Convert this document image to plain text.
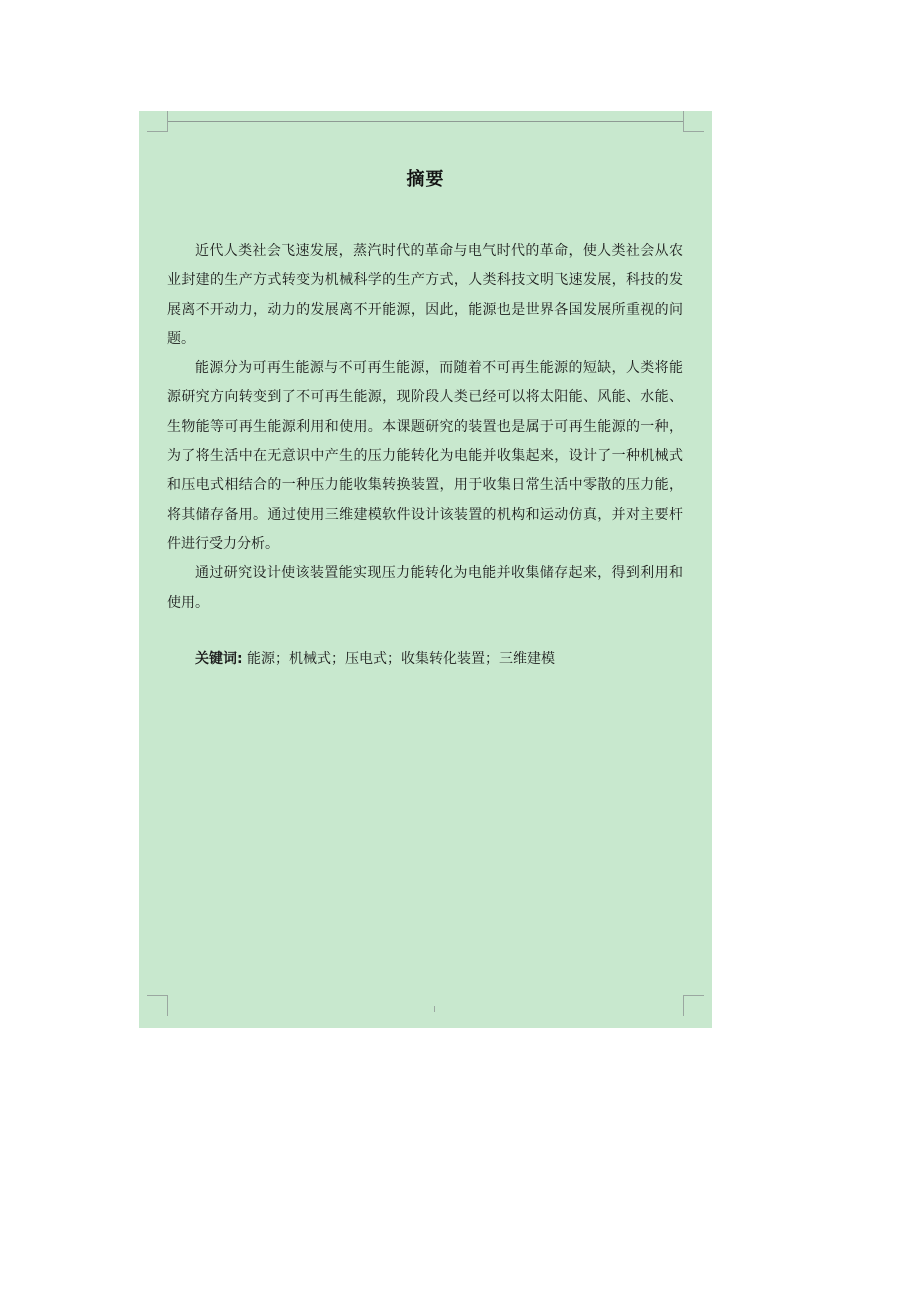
摘要

近代人类社会飞速发展，蒸汽时代的革命与电气时代的革命，使人类社会从农业封建的生产方式转变为机械科学的生产方式，人类科技文明飞速发展，科技的发展离不开动力，动力的发展离不开能源，因此，能源也是世界各国发展所重视的问题。

能源分为可再生能源与不可再生能源，而随着不可再生能源的短缺，人类将能源研究方向转变到了不可再生能源，现阶段人类已经可以将太阳能、风能、水能、生物能等可再生能源利用和使用。本课题研究的装置也是属于可再生能源的一种，为了将生活中在无意识中产生的压力能转化为电能并收集起来，设计了一种机械式和压电式相结合的一种压力能收集转换装置，用于收集日常生活中零散的压力能，将其储存备用。通过使用三维建模软件设计该装置的机构和运动仿真，并对主要杆件进行受力分析。

通过研究设计使该装置能实现压力能转化为电能并收集储存起来，得到利用和使用。

关键词: 能源；机械式；压电式；收集转化装置；三维建模
